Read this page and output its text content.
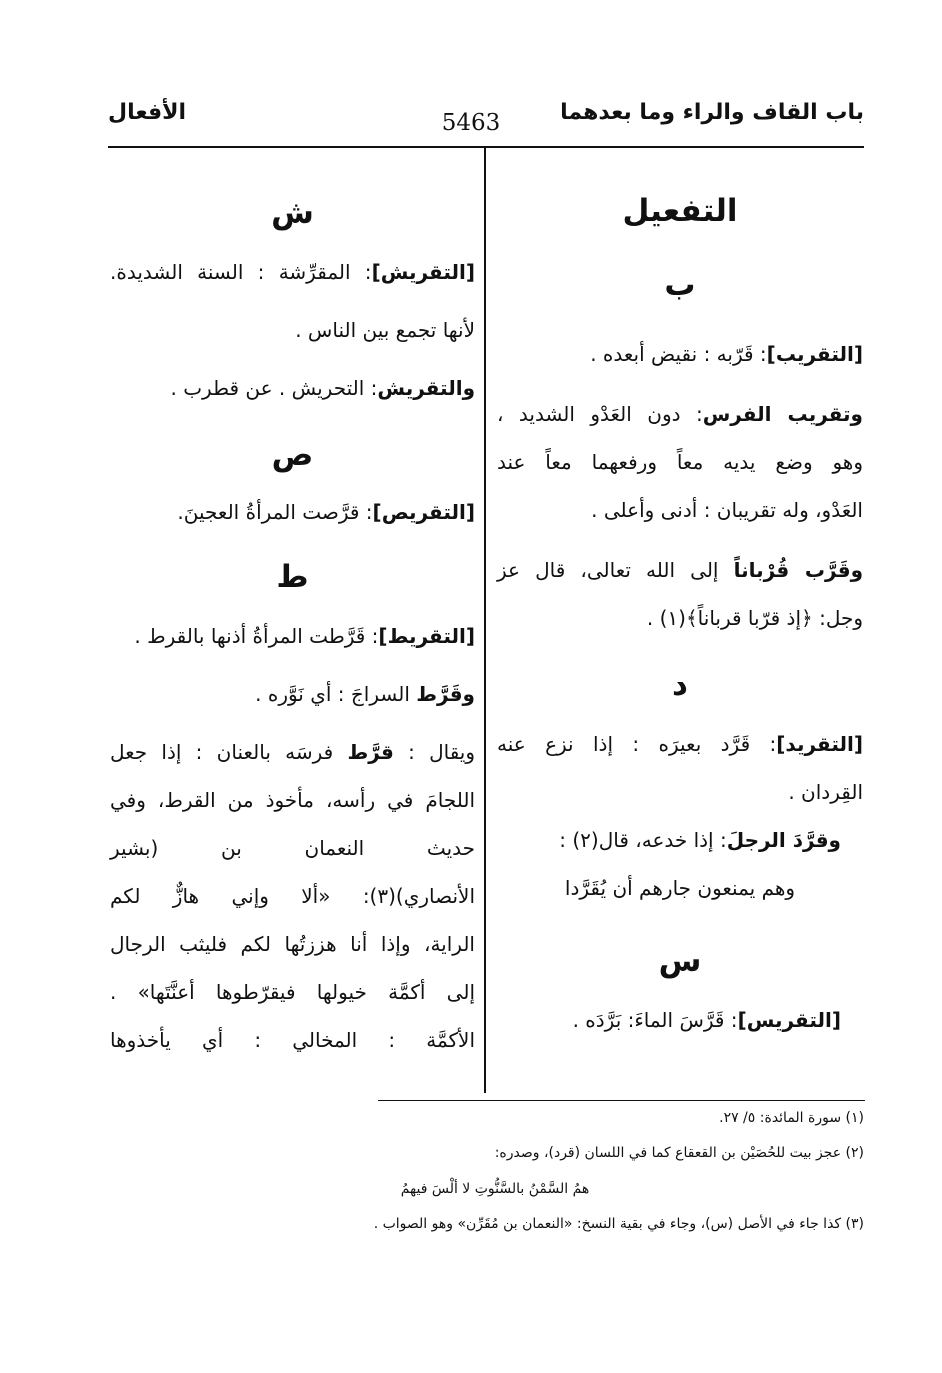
باب القاف والراء وما بعدهما
5463
الأفعال
التفعيل
ب
[التقريب]: قَرّبه : نقيض أبعده .
وتقريب الفرس: دون العَدْو الشديد ،
وهو وضع يديه معاً ورفعهما معاً عند
العَدْو، وله تقريبان : أدنى وأعلى .
وقَرَّب قُرْباناً إلى الله تعالى، قال عز
وجل: ﴿إذ قرّبا قرباناً﴾(١) .
د
[التقريد]: قَرَّد بعيرَه : إذا نزع عنه
القِردان .
وقرَّدَ الرجلَ: إذا خدعه، قال(٢) :
وهم يمنعون جارهم أن يُقَرَّدا
س
[التقريس]: قَرَّسَ الماءَ: بَرَّدَه .
ش
[التقريش]: المقرِّشة : السنة الشديدة.
لأنها تجمع بين الناس .
والتقريش: التحريش . عن قطرب .
ص
[التقريص]: قرَّصت المرأةُ العجينَ.
ط
[التقريط]: قَرَّطت المرأةُ أذنها بالقرط .
وقَرَّط السراجَ : أي نَوَّره .
ويقال : قرَّط فرسَه بالعنان : إذا جعل
اللجامَ في رأسه، مأخوذ من القرط، وفي
حديث النعمان بن (بشير
الأنصاري)(٣): «ألا وإني هازٌّ لكم
الراية، وإذا أنا هززتُها لكم فليثب الرجال
إلى أكمَّة خيولها فيقرّطوها أعنَّتَها» .
الأكمَّة : المخالي : أي يأخذوها
(١) سورة المائدة: ٥/ ٢٧.
(٢) عجز بيت للحُصَيْن بن القعقاع كما في اللسان (قرد)، وصدره:
همُ السَّمْنُ بالسَّنُّوتِ لا ألْسَ فيهمُ
(٣) كذا جاء في الأصل (س)، وجاء في بقية النسخ: «النعمان بن مُقَرِّن» وهو الصواب .
